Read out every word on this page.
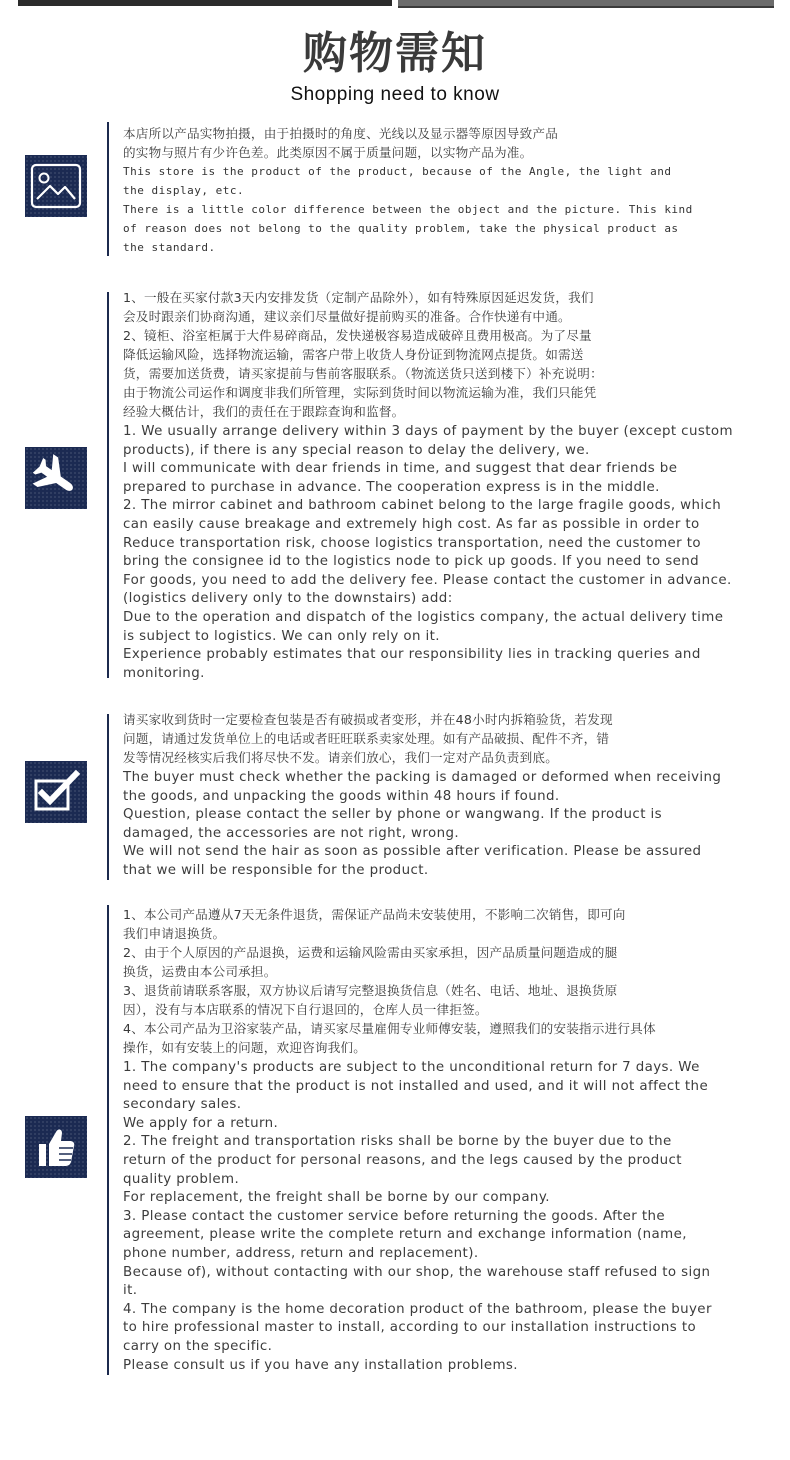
购物需知
Shopping need to know
本店所以产品实物拍摄，由于拍摄时的角度、光线以及显示器等原因导致产品
的实物与照片有少许色差。此类原因不属于质量问题，以实物产品为准。
This store is the product of the product, because of the Angle, the light and
the display, etc.
There is a little color difference between the object and the picture. This kind
of reason does not belong to the quality problem, take the physical product as
the standard.
1、一般在买家付款3天内安排发货（定制产品除外），如有特殊原因延迟发货，我们
会及时跟亲们协商沟通，建议亲们尽量做好提前购买的准备。合作快递有中通。
2、镜柜、浴室柜属于大件易碎商品，发快递极容易造成破碎且费用极高。为了尽量
降低运输风险，选择物流运输，需客户带上收货人身份证到物流网点提货。如需送
货，需要加送货费，请买家提前与售前客服联系。（物流送货只送到楼下）补充说明：
由于物流公司运作和调度非我们所管理，实际到货时间以物流运输为准，我们只能凭
经验大概估计，我们的责任在于跟踪查询和监督。
1. We usually arrange delivery within 3 days of payment by the buyer (except custom
products), if there is any special reason to delay the delivery, we.
I will communicate with dear friends in time, and suggest that dear friends be
prepared to purchase in advance. The cooperation express is in the middle.
2. The mirror cabinet and bathroom cabinet belong to the large fragile goods, which
can easily cause breakage and extremely high cost. As far as possible in order to
Reduce transportation risk, choose logistics transportation, need the customer to
bring the consignee id to the logistics node to pick up goods. If you need to send
For goods, you need to add the delivery fee. Please contact the customer in advance.
(logistics delivery only to the downstairs) add:
Due to the operation and dispatch of the logistics company, the actual delivery time
is subject to logistics. We can only rely on it.
Experience probably estimates that our responsibility lies in tracking queries and
monitoring.
请买家收到货时一定要检查包装是否有破损或者变形，并在48小时内拆箱验货，若发现
问题，请通过发货单位上的电话或者旺旺联系卖家处理。如有产品破损、配件不齐，错
发等情况经核实后我们将尽快不发。请亲们放心，我们一定对产品负责到底。
The buyer must check whether the packing is damaged or deformed when receiving
the goods, and unpacking the goods within 48 hours if found.
Question, please contact the seller by phone or wangwang. If the product is
damaged, the accessories are not right, wrong.
We will not send the hair as soon as possible after verification. Please be assured
that we will be responsible for the product.
1、本公司产品遵从7天无条件退货，需保证产品尚未安装使用，不影响二次销售，即可向
我们申请退换货。
2、由于个人原因的产品退换，运费和运输风险需由买家承担，因产品质量问题造成的腿
换货，运费由本公司承担。
3、退货前请联系客服，双方协议后请写完整退换货信息（姓名、电话、地址、退换货原
因），没有与本店联系的情况下自行退回的，仓库人员一律拒签。
4、本公司产品为卫浴家装产品，请买家尽量雇佣专业师傅安装，遵照我们的安装指示进行具体
操作，如有安装上的问题，欢迎咨询我们。
1. The company's products are subject to the unconditional return for 7 days. We
need to ensure that the product is not installed and used, and it will not affect the
secondary sales.
We apply for a return.
2. The freight and transportation risks shall be borne by the buyer due to the
return of the product for personal reasons, and the legs caused by the product
quality problem.
For replacement, the freight shall be borne by our company.
3. Please contact the customer service before returning the goods. After the
agreement, please write the complete return and exchange information (name,
phone number, address, return and replacement).
Because of), without contacting with our shop, the warehouse staff refused to sign
it.
4. The company is the home decoration product of the bathroom, please the buyer
to hire professional master to install, according to our installation instructions to
carry on the specific.
Please consult us if you have any installation problems.
